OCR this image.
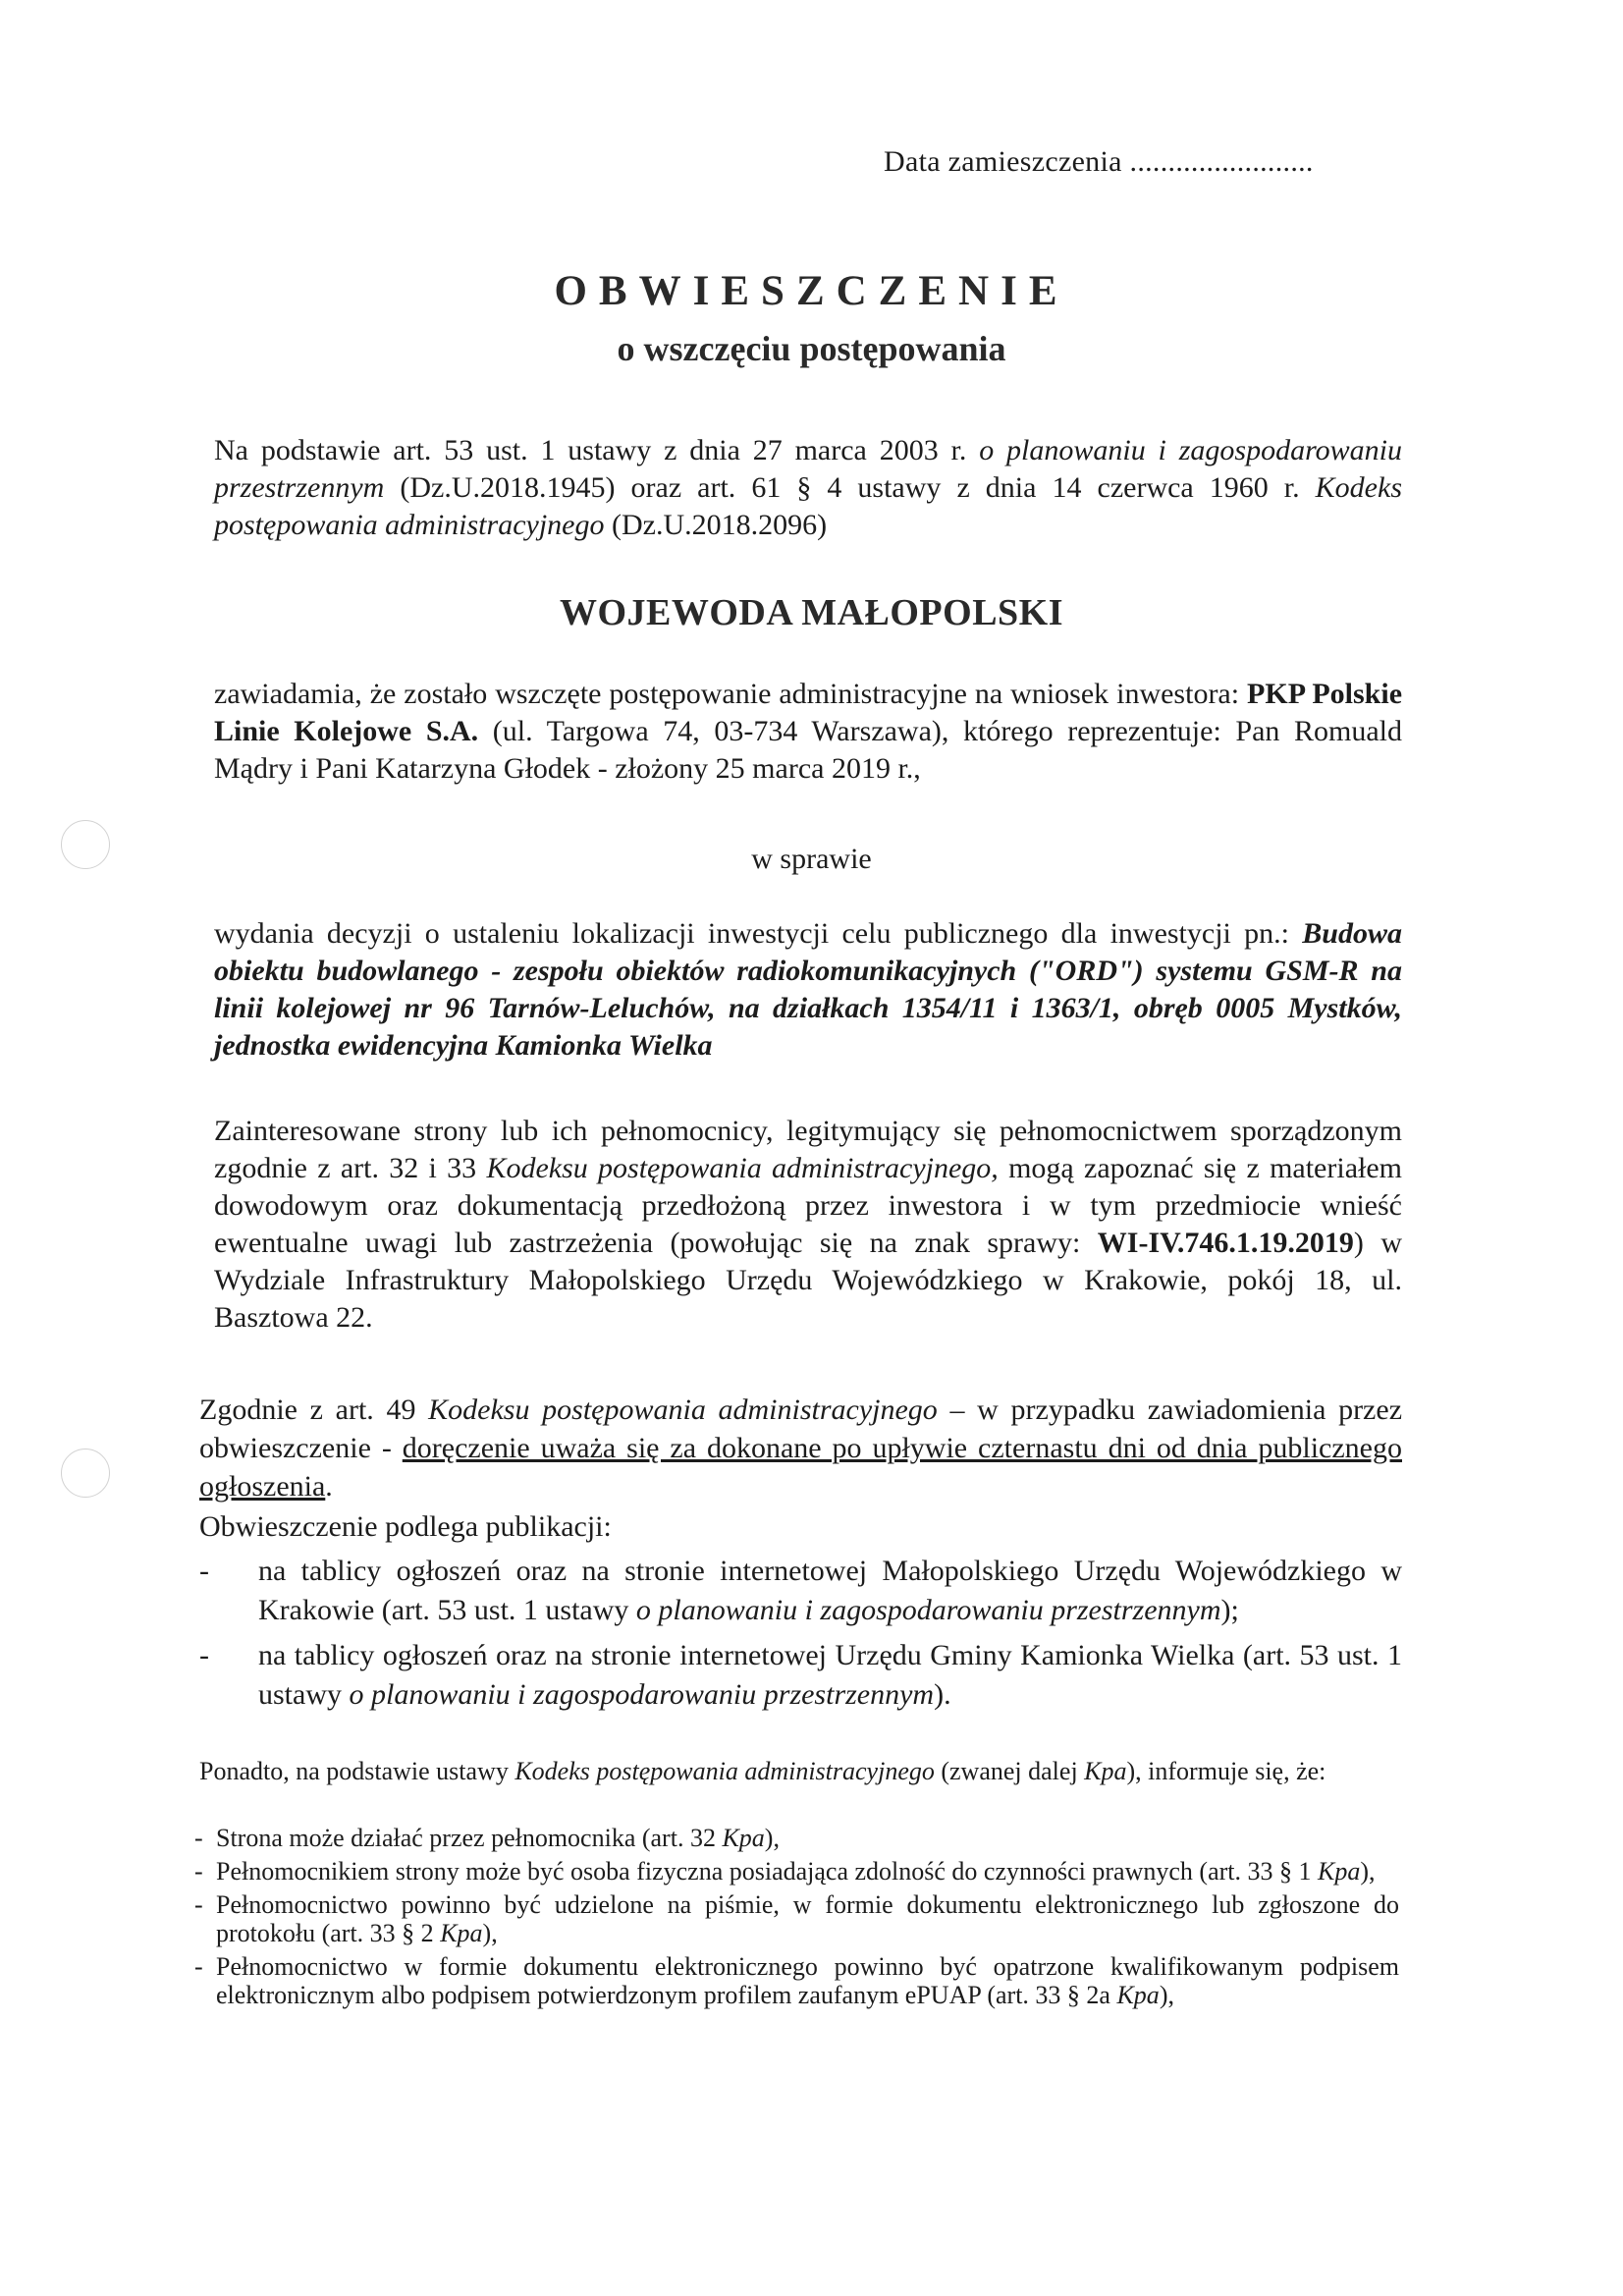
Data zamieszczenia ........................
OBWIESZCZENIE
o wszczęciu postępowania

Na podstawie art. 53 ust. 1 ustawy z dnia 27 marca 2003 r. o planowaniu i zagospodarowaniu przestrzennym (Dz.U.2018.1945) oraz art. 61 § 4 ustawy z dnia 14 czerwca 1960 r. Kodeks postępowania administracyjnego (Dz.U.2018.2096)

WOJEWODA MAŁOPOLSKI

zawiadamia, że zostało wszczęte postępowanie administracyjne na wniosek inwestora: PKP Polskie Linie Kolejowe S.A. (ul. Targowa 74, 03-734 Warszawa), którego reprezentuje: Pan Romuald Mądry i Pani Katarzyna Głodek - złożony 25 marca 2019 r.,

w sprawie

wydania decyzji o ustaleniu lokalizacji inwestycji celu publicznego dla inwestycji pn.: Budowa obiektu budowlanego - zespołu obiektów radiokomunikacyjnych ("ORD") systemu GSM-R na linii kolejowej nr 96 Tarnów-Leluchów, na działkach 1354/11 i 1363/1, obręb 0005 Mystków, jednostka ewidencyjna Kamionka Wielka

Zainteresowane strony lub ich pełnomocnicy, legitymujący się pełnomocnictwem sporządzonym zgodnie z art. 32 i 33 Kodeksu postępowania administracyjnego, mogą zapoznać się z materiałem dowodowym oraz dokumentacją przedłożoną przez inwestora i w tym przedmiocie wnieść ewentualne uwagi lub zastrzeżenia (powołując się na znak sprawy: WI-IV.746.1.19.2019) w Wydziale Infrastruktury Małopolskiego Urzędu Wojewódzkiego w Krakowie, pokój 18, ul. Basztowa 22.

Zgodnie z art. 49 Kodeksu postępowania administracyjnego – w przypadku zawiadomienia przez obwieszczenie - doręczenie uważa się za dokonane po upływie czternastu dni od dnia publicznego ogłoszenia.

Obwieszczenie podlega publikacji:
- na tablicy ogłoszeń oraz na stronie internetowej Małopolskiego Urzędu Wojewódzkiego w Krakowie (art. 53 ust. 1 ustawy o planowaniu i zagospodarowaniu przestrzennym);
- na tablicy ogłoszeń oraz na stronie internetowej Urzędu Gminy Kamionka Wielka (art. 53 ust. 1 ustawy o planowaniu i zagospodarowaniu przestrzennym).

Ponadto, na podstawie ustawy Kodeks postępowania administracyjnego (zwanej dalej Kpa), informuje się, że:

- Strona może działać przez pełnomocnika (art. 32 Kpa),
- Pełnomocnikiem strony może być osoba fizyczna posiadająca zdolność do czynności prawnych (art. 33 § 1 Kpa),
- Pełnomocnictwo powinno być udzielone na piśmie, w formie dokumentu elektronicznego lub zgłoszone do protokołu (art. 33 § 2 Kpa),
- Pełnomocnictwo w formie dokumentu elektronicznego powinno być opatrzone kwalifikowanym podpisem elektronicznym albo podpisem potwierdzonym profilem zaufanym ePUAP (art. 33 § 2a Kpa),
